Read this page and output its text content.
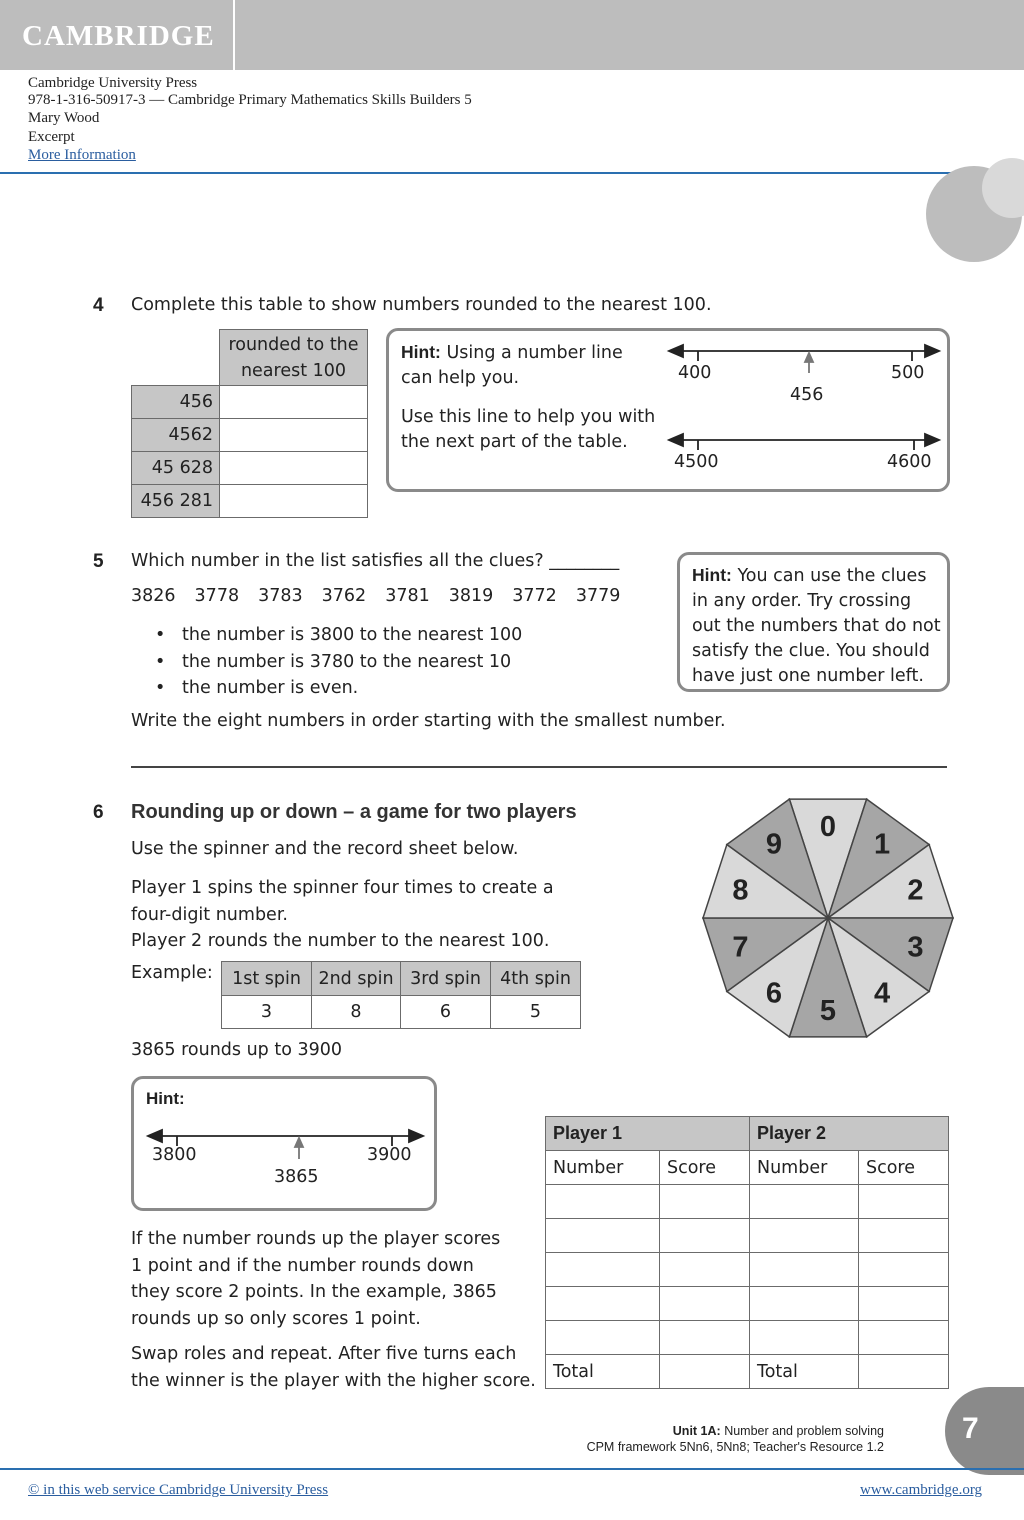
CAMBRIDGE
Cambridge University Press
978-1-316-50917-3 — Cambridge Primary Mathematics Skills Builders 5
Mary Wood
Excerpt
More Information
4 Complete this table to show numbers rounded to the nearest 100.

	rounded to the
nearest 100

456	
4562	
45 628	
456 281	
Hint: Using a number line
can help you.
Use this line to help you with
the next part of the table.
400	500
456
4500	4600
5 Which number in the list satisfies all the clues? ________
3826 3778 3783 3762 3781 3819 3772 3779
•   the number is 3800 to the nearest 100
•   the number is 3780 to the nearest 10
•   the number is even.
Write the eight numbers in order starting with the smallest number.
Hint: You can use the clues
in any order. Try crossing
out the numbers that do not
satisfy the clue. You should
have just one number left.
6 Rounding up or down – a game for two players
Use the spinner and the record sheet below.
Player 1 spins the spinner four times to create a
four-digit number.
Player 2 rounds the number to the nearest 100.
Example: 1st spin	2nd spin	3rd spin	4th spin
3	8	6	5
3865 rounds up to 3900
Hint:
3800	3900
3865
If the number rounds up the player scores
1 point and if the number rounds down
they score 2 points. In the example, 3865
rounds up so only scores 1 point.
Swap roles and repeat. After five turns each
the winner is the player with the higher score.
0
1
2
3
4
5
6
7
8
9
Player 1		Player 2	
Number	Score	Number	Score

Total		Total	
Unit 1A: Number and problem solving
CPM framework 5Nn6, 5Nn8; Teacher's Resource 1.2
7
© in this web service Cambridge University Press	www.cambridge.org
